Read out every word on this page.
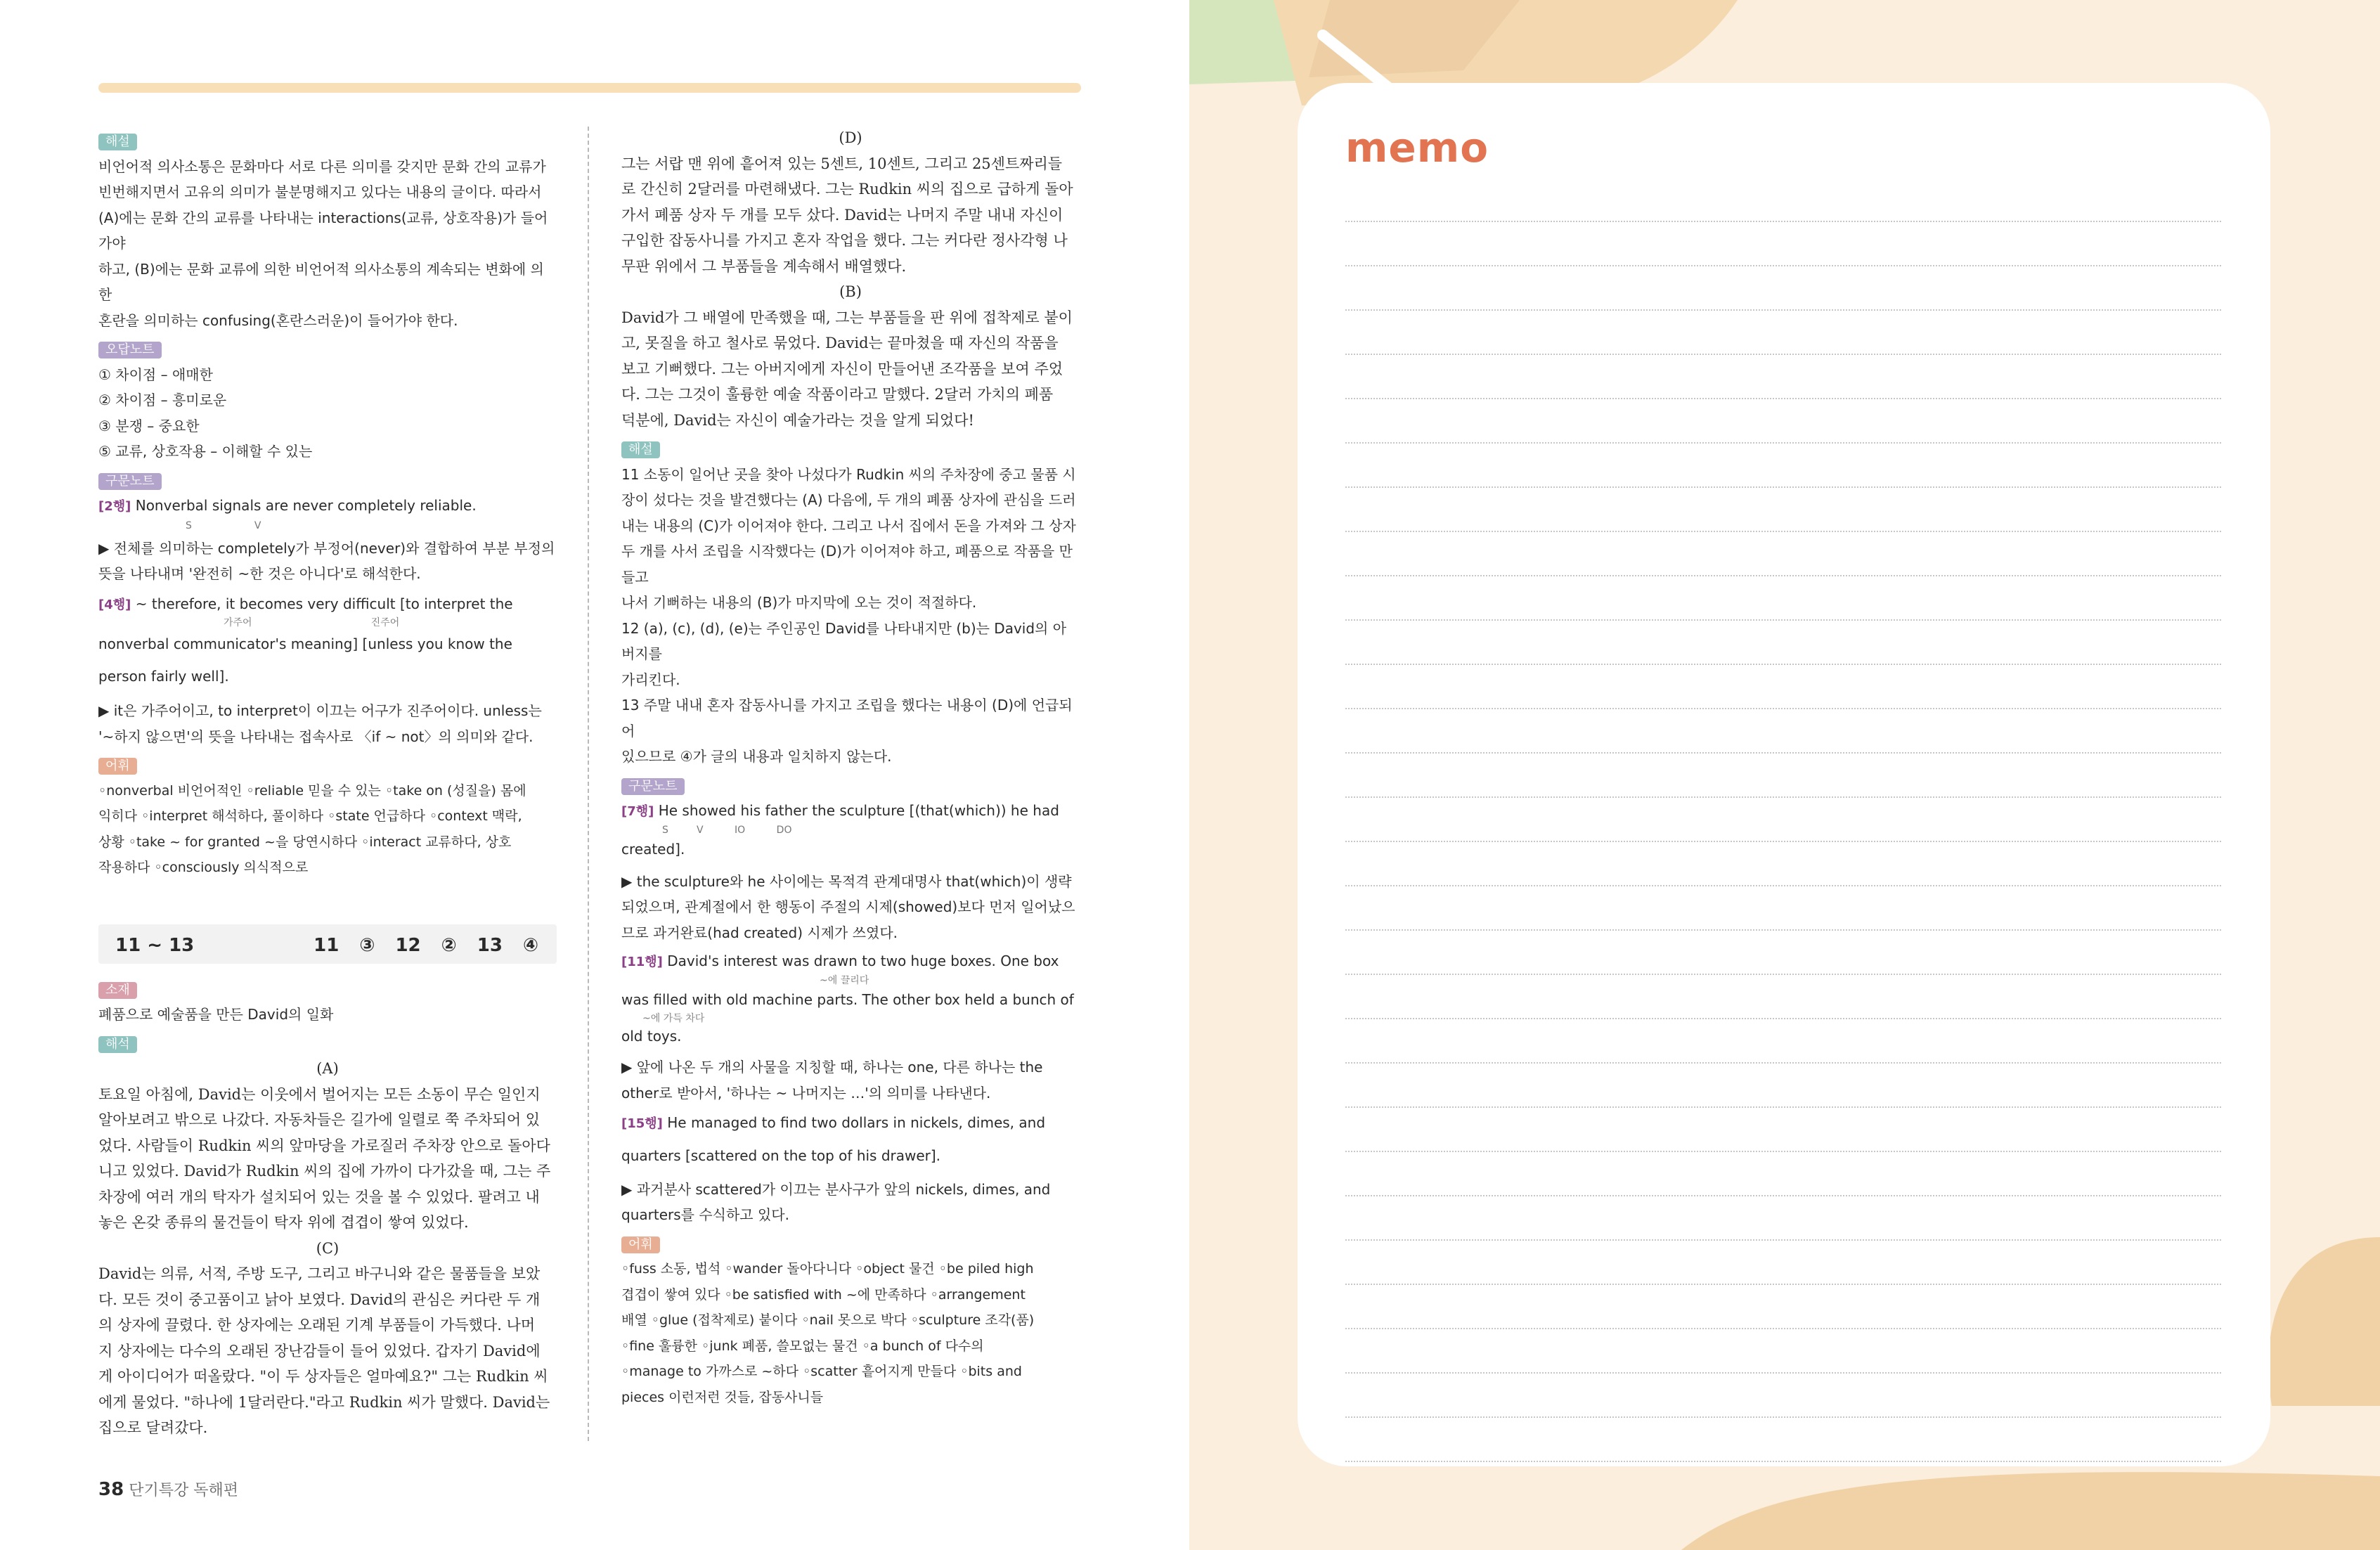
해설

비언어적 의사소통은 문화마다 서로 다른 의미를 갖지만 문화 간의 교류가

빈번해지면서 고유의 의미가 불분명해지고 있다는 내용의 글이다. 따라서

(A)에는 문화 간의 교류를 나타내는 interactions(교류, 상호작용)가 들어가야

하고, (B)에는 문화 교류에 의한 비언어적 의사소통의 계속되는 변화에 의한

혼란을 의미하는 confusing(혼란스러운)이 들어가야 한다.

오답노트

① 차이점 – 애매한

② 차이점 – 흥미로운

③ 분쟁 – 중요한

⑤ 교류, 상호작용 – 이해할 수 있는

구문노트

[2행] Nonverbal signals are never completely reliable.

S                    V

▶ 전체를 의미하는 completely가 부정어(never)와 결합하여 부분 부정의

뜻을 나타내며 '완전히 ~한 것은 아니다'로 해석한다.

[4행] ~ therefore, it becomes very difficult [to interpret the

가주어                                      진주어

nonverbal communicator's meaning] [unless you know the

person fairly well].

▶ it은 가주어이고, to interpret이 이끄는 어구가 진주어이다. unless는

'~하지 않으면'의 뜻을 나타내는 접속사로 〈if ~ not〉의 의미와 같다.

어휘

◦nonverbal 비언어적인 ◦reliable 믿을 수 있는 ◦take on (성질을) 몸에

익히다 ◦interpret 해석하다, 풀이하다 ◦state 언급하다 ◦context 맥락,

상황 ◦take ~ for granted ~을 당연시하다 ◦interact 교류하다, 상호

작용하다 ◦consciously 의식적으로

11 ~ 13	11 ③ 12 ② 13 ④
소재

폐품으로 예술품을 만든 David의 일화

해석

(A)

토요일 아침에, David는 이웃에서 벌어지는 모든 소동이 무슨 일인지

알아보려고 밖으로 나갔다. 자동차들은 길가에 일렬로 쭉 주차되어 있

었다. 사람들이 Rudkin 씨의 앞마당을 가로질러 주차장 안으로 돌아다

니고 있었다. David가 Rudkin 씨의 집에 가까이 다가갔을 때, 그는 주

차장에 여러 개의 탁자가 설치되어 있는 것을 볼 수 있었다. 팔려고 내

놓은 온갖 종류의 물건들이 탁자 위에 겹겹이 쌓여 있었다.

(C)

David는 의류, 서적, 주방 도구, 그리고 바구니와 같은 물품들을 보았

다. 모든 것이 중고품이고 낡아 보였다. David의 관심은 커다란 두 개

의 상자에 끌렸다. 한 상자에는 오래된 기계 부품들이 가득했다. 나머

지 상자에는 다수의 오래된 장난감들이 들어 있었다. 갑자기 David에

게 아이디어가 떠올랐다. "이 두 상자들은 얼마예요?" 그는 Rudkin 씨

에게 물었다. "하나에 1달러란다."라고 Rudkin 씨가 말했다. David는

집으로 달려갔다.

(D)

그는 서랍 맨 위에 흩어져 있는 5센트, 10센트, 그리고 25센트짜리들

로 간신히 2달러를 마련해냈다. 그는 Rudkin 씨의 집으로 급하게 돌아

가서 폐품 상자 두 개를 모두 샀다. David는 나머지 주말 내내 자신이

구입한 잡동사니를 가지고 혼자 작업을 했다. 그는 커다란 정사각형 나

무판 위에서 그 부품들을 계속해서 배열했다.

(B)

David가 그 배열에 만족했을 때, 그는 부품들을 판 위에 접착제로 붙이

고, 못질을 하고 철사로 묶었다. David는 끝마쳤을 때 자신의 작품을

보고 기뻐했다. 그는 아버지에게 자신이 만들어낸 조각품을 보여 주었

다. 그는 그것이 훌륭한 예술 작품이라고 말했다. 2달러 가치의 폐품

덕분에, David는 자신이 예술가라는 것을 알게 되었다!

해설

11 소동이 일어난 곳을 찾아 나섰다가 Rudkin 씨의 주차장에 중고 물품 시

장이 섰다는 것을 발견했다는 (A) 다음에, 두 개의 폐품 상자에 관심을 드러

내는 내용의 (C)가 이어져야 한다. 그리고 나서 집에서 돈을 가져와 그 상자

두 개를 사서 조립을 시작했다는 (D)가 이어져야 하고, 폐품으로 작품을 만들고

나서 기뻐하는 내용의 (B)가 마지막에 오는 것이 적절하다.

12 (a), (c), (d), (e)는 주인공인 David를 나타내지만 (b)는 David의 아버지를

가리킨다.

13 주말 내내 혼자 잡동사니를 가지고 조립을 했다는 내용이 (D)에 언급되어

있으므로 ④가 글의 내용과 일치하지 않는다.

구문노트

[7행] He showed his father the sculpture [(that(which)) he had

S         V          IO          DO

created].

▶ the sculpture와 he 사이에는 목적격 관계대명사 that(which)이 생략

되었으며, 관계절에서 한 행동이 주절의 시제(showed)보다 먼저 일어났으

므로 과거완료(had created) 시제가 쓰였다.

[11행] David's interest was drawn to two huge boxes. One box

~에 끌리다

was filled with old machine parts. The other box held a bunch of

~에 가득 차다

old toys.

▶ 앞에 나온 두 개의 사물을 지칭할 때, 하나는 one, 다른 하나는 the

other로 받아서, '하나는 ~ 나머지는 …'의 의미를 나타낸다.

[15행] He managed to find two dollars in nickels, dimes, and

quarters [scattered on the top of his drawer].

▶ 과거분사 scattered가 이끄는 분사구가 앞의 nickels, dimes, and

quarters를 수식하고 있다.

어휘

◦fuss 소동, 법석 ◦wander 돌아다니다 ◦object 물건 ◦be piled high

겹겹이 쌓여 있다 ◦be satisfied with ~에 만족하다 ◦arrangement

배열 ◦glue (접착제로) 붙이다 ◦nail 못으로 박다 ◦sculpture 조각(품)

◦fine 훌륭한 ◦junk 폐품, 쓸모없는 물건 ◦a bunch of 다수의

◦manage to 가까스로 ~하다 ◦scatter 흩어지게 만들다 ◦bits and

pieces 이런저런 것들, 잡동사니들

38 단기특강 독해편
memo
